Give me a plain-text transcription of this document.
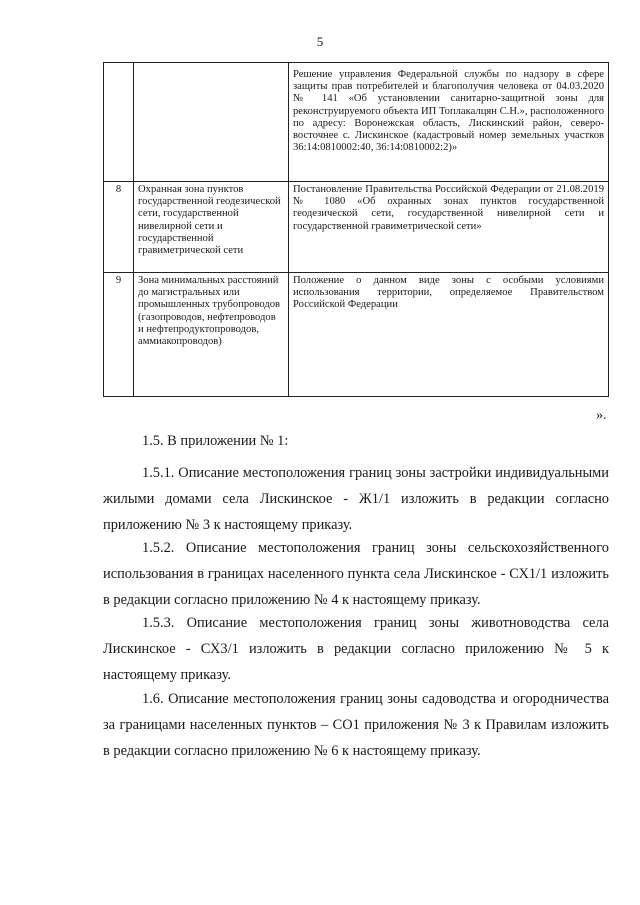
5
		Решение управления Федеральной службы по надзору в сфере защиты прав потребителей и благополучия человека от 04.03.2020 № 141 «Об установлении санитарно-защитной зоны для реконструируемого объекта ИП Топлакалцян С.Н.», расположенного по адресу: Воронежская область, Лискинский район, северо-восточнее с. Лискинское (кадастровый номер земельных участков 36:14:0810002:40, 36:14:0810002:2)»
8	Охранная зона пунктов государственной геодезической сети, государственной нивелирной сети и государственной гравиметрической сети	Постановление Правительства Российской Федерации от 21.08.2019 № 1080 «Об охранных зонах пунктов государственной геодезической сети, государственной нивелирной сети и государственной гравиметрической сети»
9	Зона минимальных расстояний до магистральных или промышленных трубопроводов (газопроводов, нефтепроводов и нефтепродуктопроводов, аммиакопроводов)	Положение о данном виде зоны с особыми условиями использования территории, определяемое Правительством Российской Федерации
».

1.5. В приложении № 1:

1.5.1. Описание местоположения границ зоны застройки индивидуальными жилыми домами села Лискинское - Ж1/1 изложить в редакции согласно приложению № 3 к настоящему приказу.

1.5.2. Описание местоположения границ зоны сельскохозяйственного использования в границах населенного пункта села Лискинское - СХ1/1 изложить в редакции согласно приложению № 4 к настоящему приказу.

1.5.3. Описание местоположения границ зоны животноводства села Лискинское - СХ3/1 изложить в редакции согласно приложению № 5 к настоящему приказу.

1.6. Описание местоположения границ зоны садоводства и огородничества за границами населенных пунктов – СО1 приложения № 3 к Правилам изложить в редакции согласно приложению № 6 к настоящему приказу.
